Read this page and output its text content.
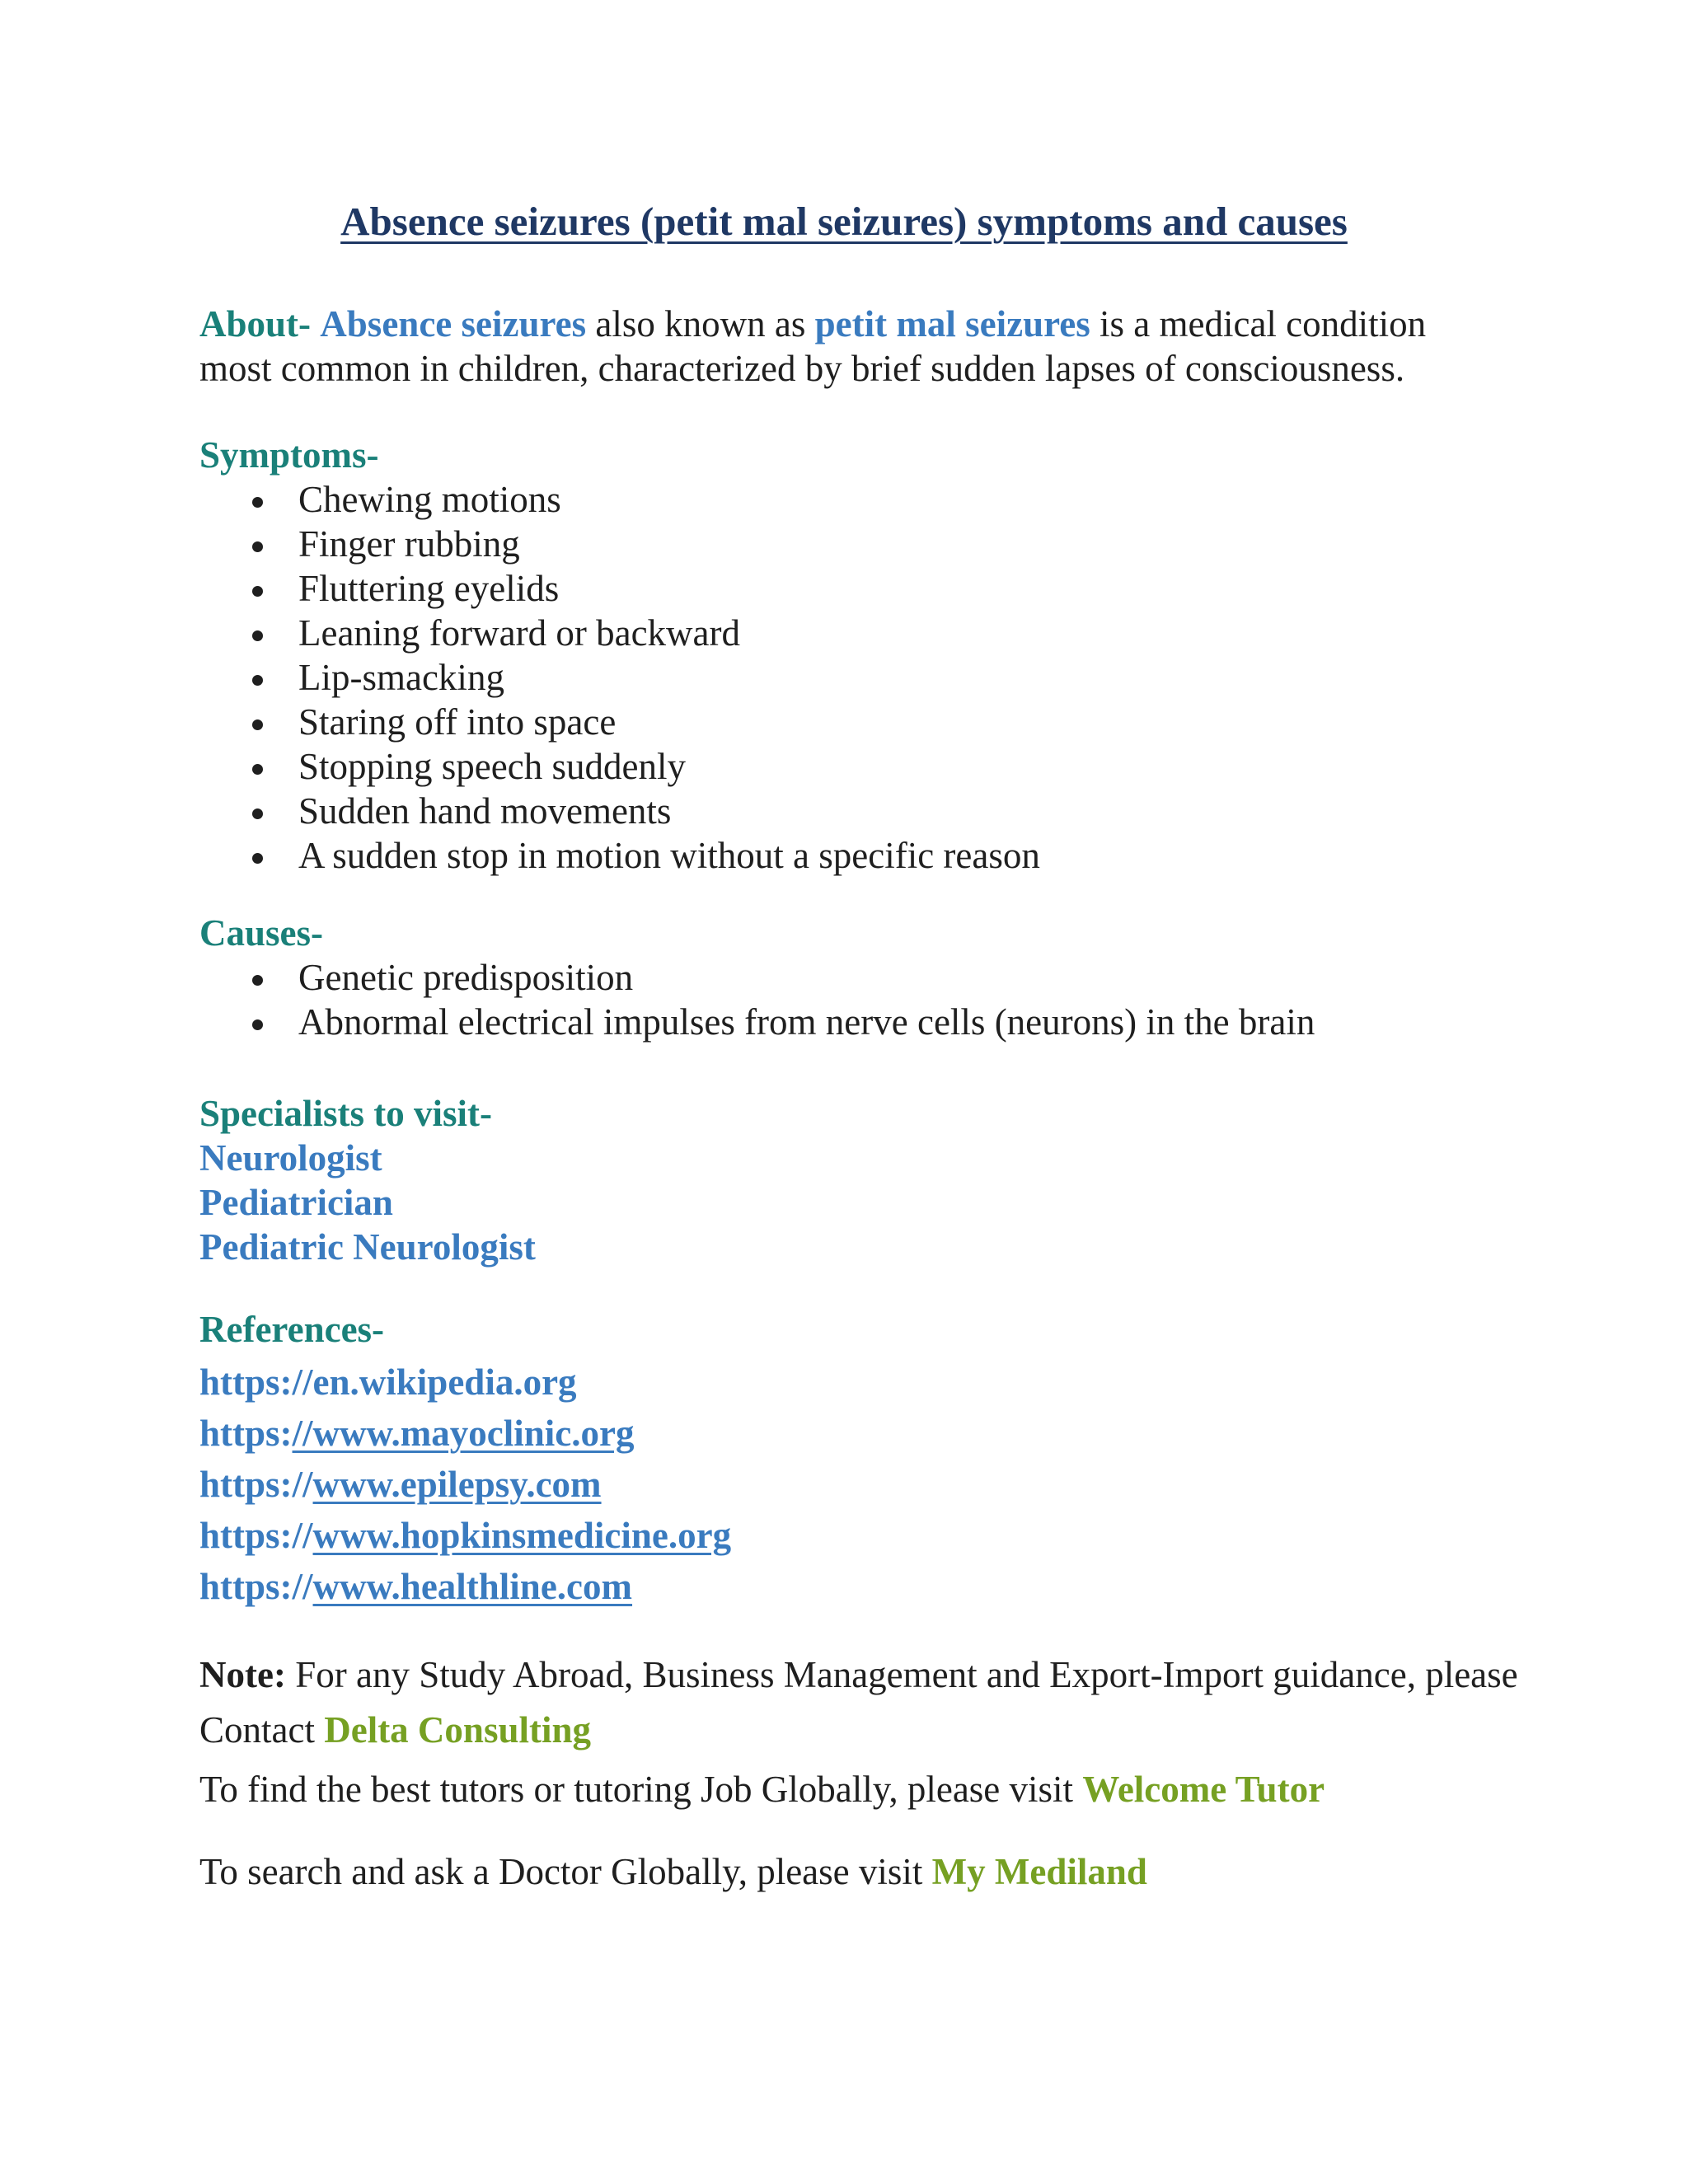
Absence seizures (petit mal seizures) symptoms and causes
About- Absence seizures also known as petit mal seizures is a medical condition most common in children, characterized by brief sudden lapses of consciousness.
Symptoms-
Chewing motions
Finger rubbing
Fluttering eyelids
Leaning forward or backward
Lip-smacking
Staring off into space
Stopping speech suddenly
Sudden hand movements
A sudden stop in motion without a specific reason
Causes-
Genetic predisposition
Abnormal electrical impulses from nerve cells (neurons) in the brain
Specialists to visit-
Neurologist
Pediatrician
Pediatric Neurologist
References-
https://en.wikipedia.org
https://www.mayoclinic.org
https://www.epilepsy.com
https://www.hopkinsmedicine.org
https://www.healthline.com
Note: For any Study Abroad, Business Management and Export-Import guidance, please Contact Delta Consulting
To find the best tutors or tutoring Job Globally, please visit Welcome Tutor
To search and ask a Doctor Globally, please visit My Mediland
